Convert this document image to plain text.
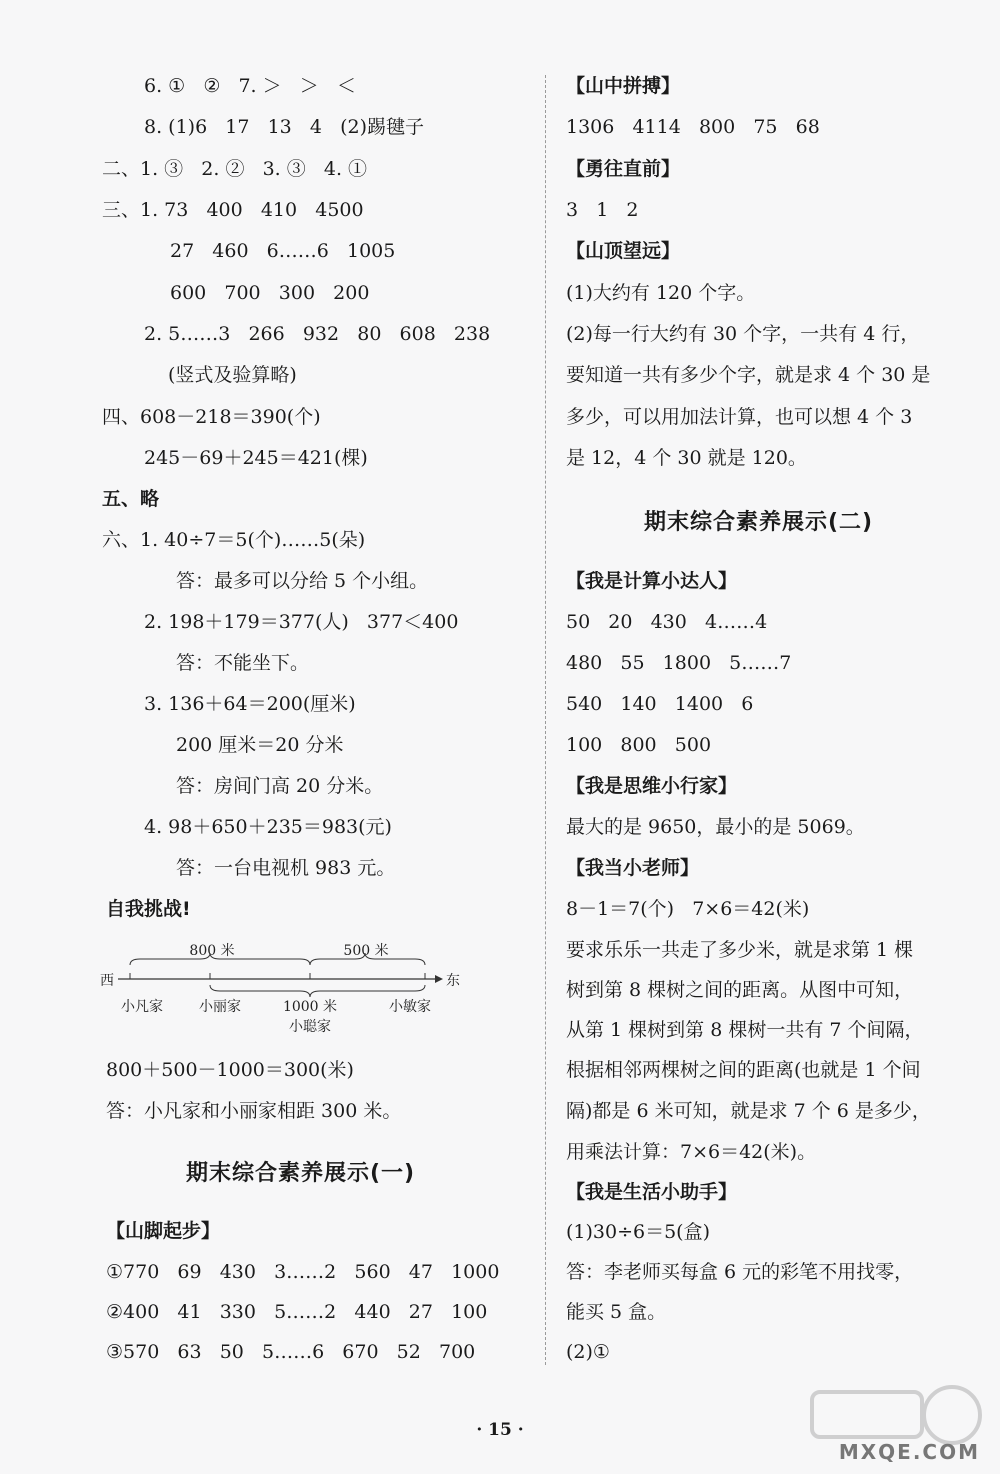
6. ①   ②   7. ＞   ＞   ＜
8. (1)6   17   13   4   (2)踢毽子
二、1. ③   2. ②   3. ③   4. ①
三、1. 73   400   410   4500
27   460   6……6   1005
600   700   300   200
2. 5……3   266   932   80   608   238
(竖式及验算略)
四、608－218＝390(个)
245－69＋245＝421(棵)
五、略
六、1. 40÷7＝5(个)……5(朵)
答：最多可以分给 5 个小组。
2. 198＋179＝377(人)   377＜400
答：不能坐下。
3. 136＋64＝200(厘米)
200 厘米＝20 分米
答：房间门高 20 分米。
4. 98＋650＋235＝983(元)
答：一台电视机 983 元。
自我挑战!
800 米	500 米
西	东
小凡家	小丽家	1000 米
小聪家
小敏家
800＋500－1000＝300(米)
答：小凡家和小丽家相距 300 米。
期末综合素养展示(一)
【山脚起步】
①770   69   430   3……2   560   47   1000
②400   41   330   5……2   440   27   100
③570   63   50   5……6   670   52   700
【山中拼搏】
1306   4114   800   75   68
【勇往直前】
3   1   2
【山顶望远】
(1)大约有 120 个字。
(2)每一行大约有 30 个字，一共有 4 行，
要知道一共有多少个字，就是求 4 个 30 是
多少，可以用加法计算，也可以想 4 个 3
是 12，4 个 30 就是 120。
期末综合素养展示(二)
【我是计算小达人】
50   20   430   4……4
480   55   1800   5……7
540   140   1400   6
100   800   500
【我是思维小行家】
最大的是 9650，最小的是 5069。
【我当小老师】
8－1＝7(个)   7×6＝42(米)
要求乐乐一共走了多少米，就是求第 1 棵
树到第 8 棵树之间的距离。从图中可知，
从第 1 棵树到第 8 棵树一共有 7 个间隔，
根据相邻两棵树之间的距离(也就是 1 个间
隔)都是 6 米可知，就是求 7 个 6 是多少，
用乘法计算：7×6＝42(米)。
【我是生活小助手】
(1)30÷6＝5(盒)
答：李老师买每盒 6 元的彩笔不用找零，
能买 5 盒。
(2)①
· 15 ·
MXQE.COM
